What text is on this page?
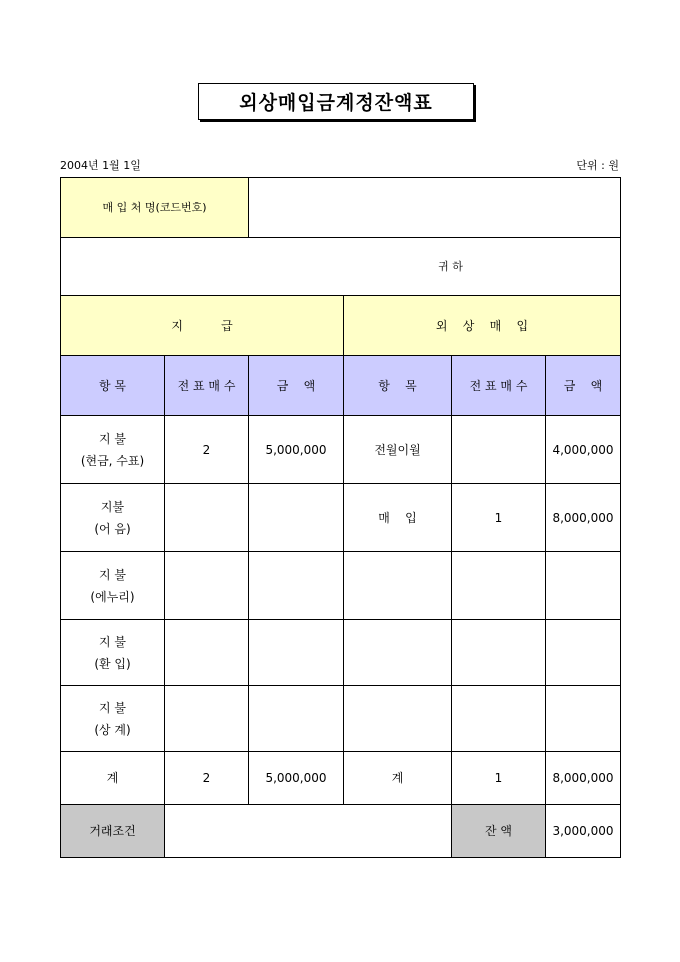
외상매입금계정잔액표
2004년 1월 1일	단위 : 원
매 입 처 명(코드번호)					
귀 하					
지          급			외    상    매    입		
항 목	전 표 매 수	금    액	항    목	전 표 매 수	금    액

지 불
(현금, 수표)	2	5,000,000	전월이월		4,000,000

지불
(어 음)			매    입	1	8,000,000

지 불
(에누리)					

지 불
(환 입)					

지 불
(상 계)					

계	2	5,000,000	계	1	8,000,000
거래조건				잔 액	3,000,000
